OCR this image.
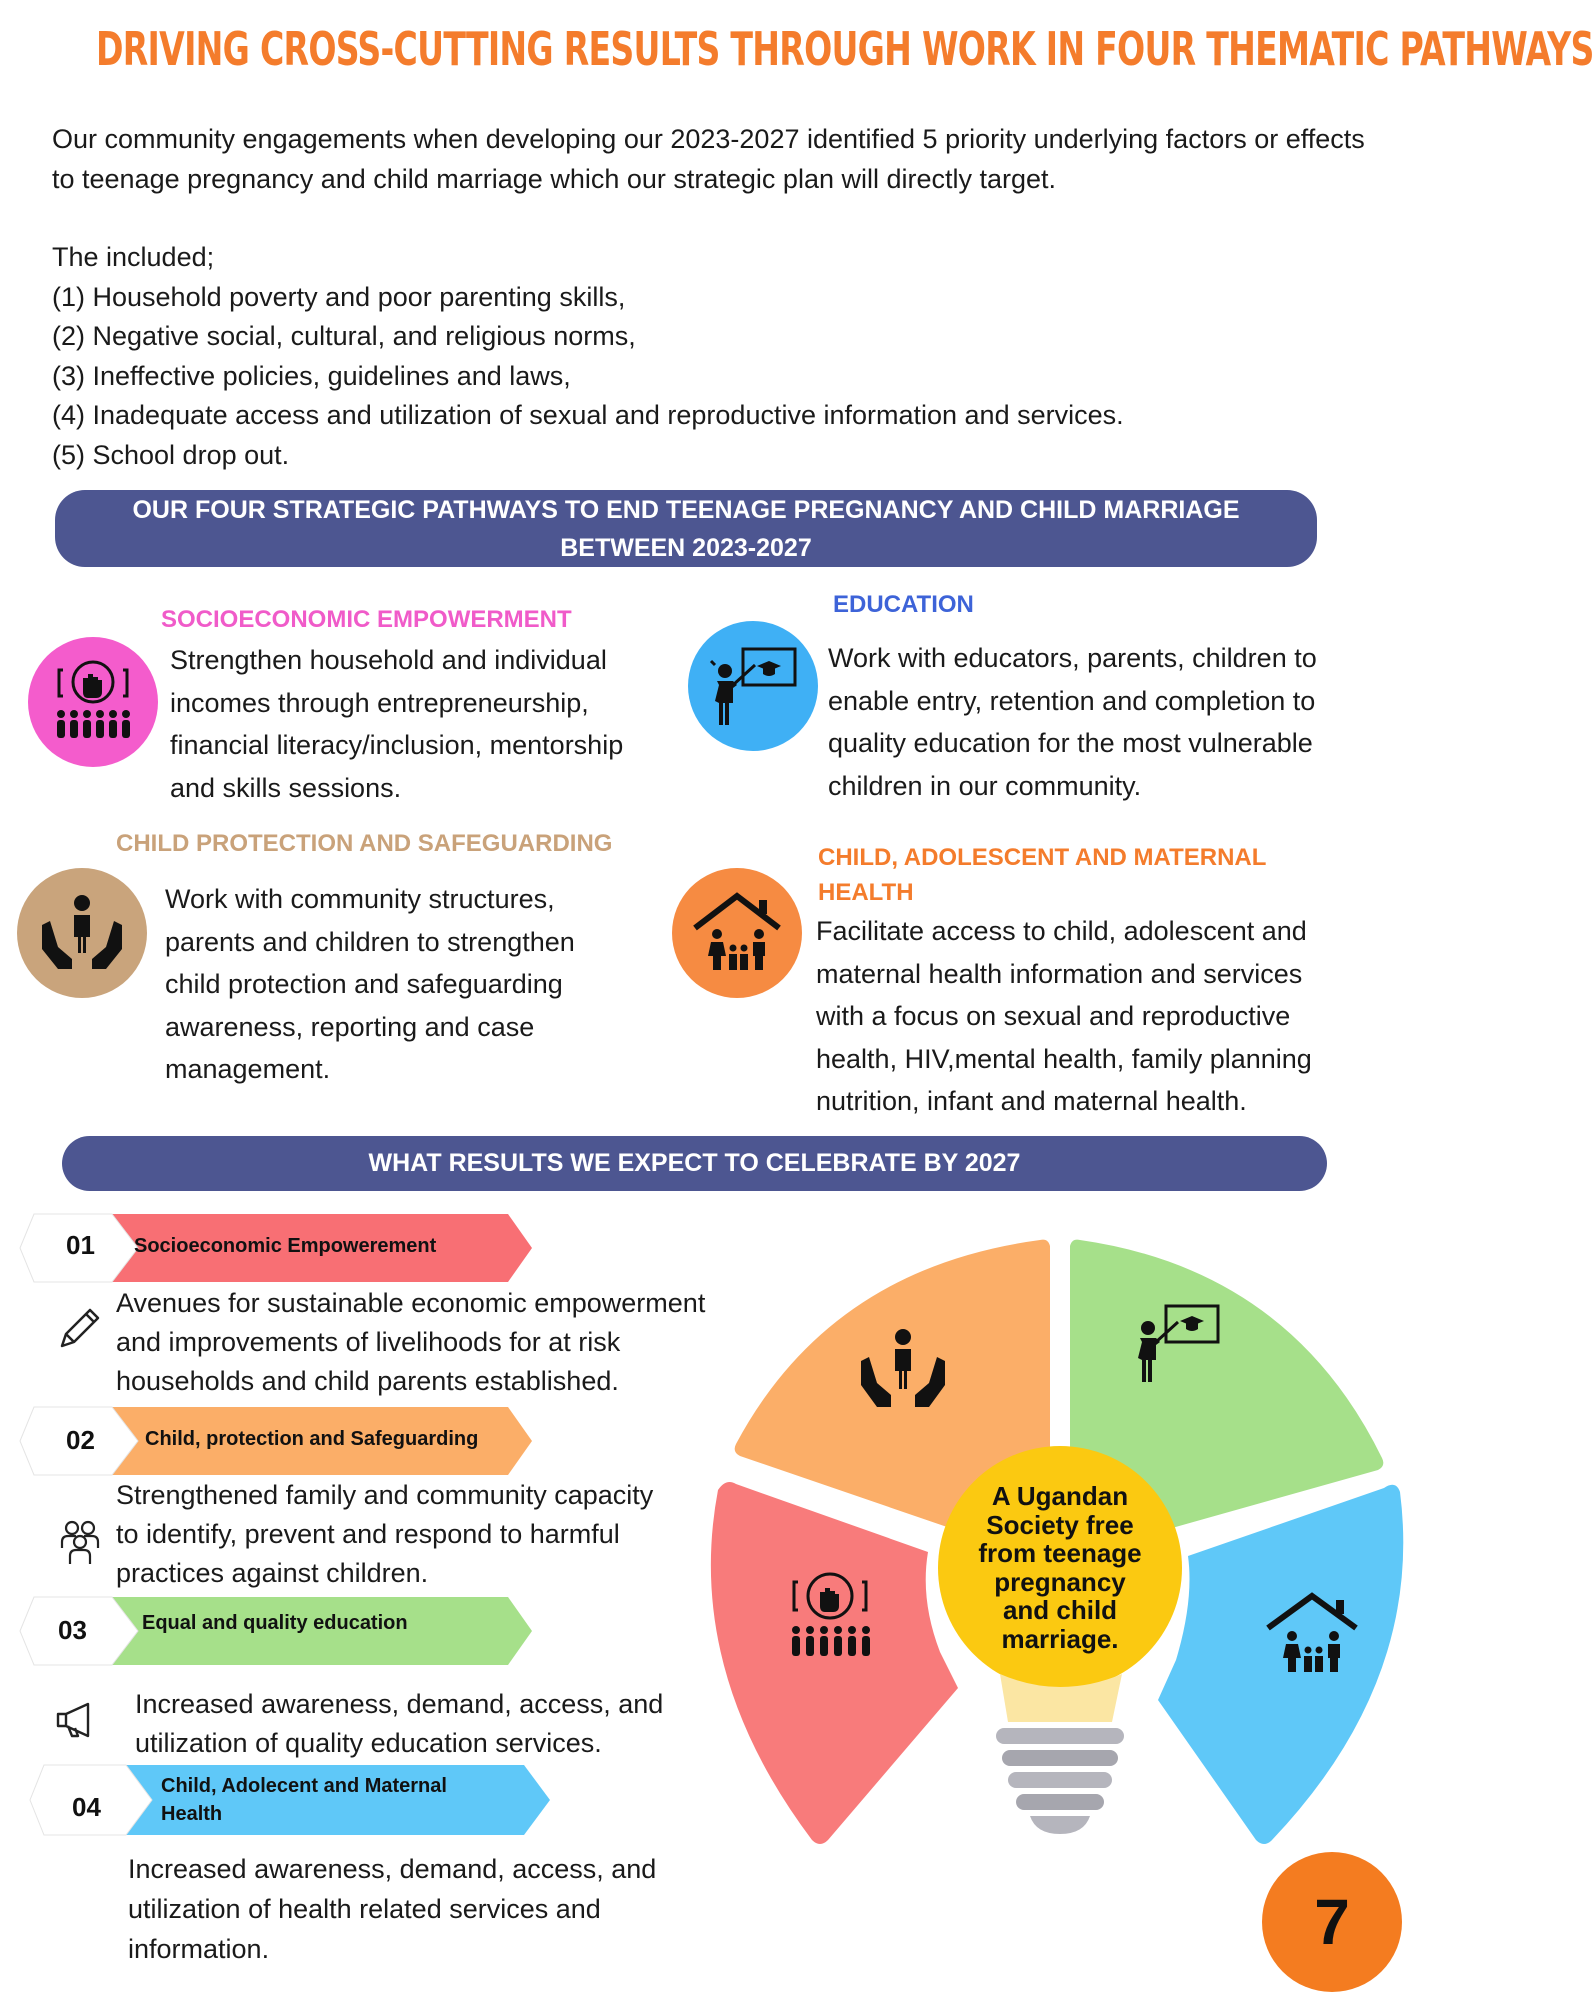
DRIVING CROSS-CUTTING RESULTS THROUGH WORK IN FOUR THEMATIC PATHWAYS

Our community engagements when developing our 2023-2027 identified 5 priority underlying factors or effects to teenage pregnancy and child marriage which our strategic plan will directly target.

The included;

(1) Household poverty and poor parenting skills,

(2) Negative social, cultural, and religious norms,

(3) Ineffective policies, guidelines and laws,

(4) Inadequate access and utilization of sexual and reproductive information and services.

(5) School drop out.

OUR FOUR STRATEGIC PATHWAYS TO END TEENAGE PREGNANCY AND CHILD MARRIAGE
BETWEEN 2023-2027
SOCIOECONOMIC EMPOWERMENT
Strengthen household and individual
incomes through entrepreneurship,
financial literacy/inclusion, mentorship
and skills sessions.
EDUCATION
Work with educators, parents, children to
enable entry, retention and completion to
quality education for the most vulnerable
children in our community.
CHILD PROTECTION AND SAFEGUARDING
Work with community structures,
parents and children to strengthen
child protection and safeguarding
awareness, reporting and case
management.
CHILD, ADOLESCENT AND MATERNAL
HEALTH
Facilitate access to child, adolescent and
maternal health information and services
with a focus on sexual and reproductive
health, HIV,mental health, family planning
nutrition, infant and maternal health.
WHAT RESULTS WE EXPECT TO CELEBRATE BY 2027
01 Socioeconomic Empowerement
Avenues for sustainable economic empowerment
and improvements of livelihoods for at risk
households and child parents established.
02	Child, protection and Safeguarding
Strengthened family and community capacity
to identify, prevent and respond to harmful
practices against children.
03	Equal and quality education
Increased awareness, demand, access, and
utilization of quality education services.
04
Child, Adolecent and Maternal
Health
Increased awareness, demand, access, and
utilization of health related services and
information.
A Ugandan
Society free
from teenage
pregnancy
and child
marriage.
7
